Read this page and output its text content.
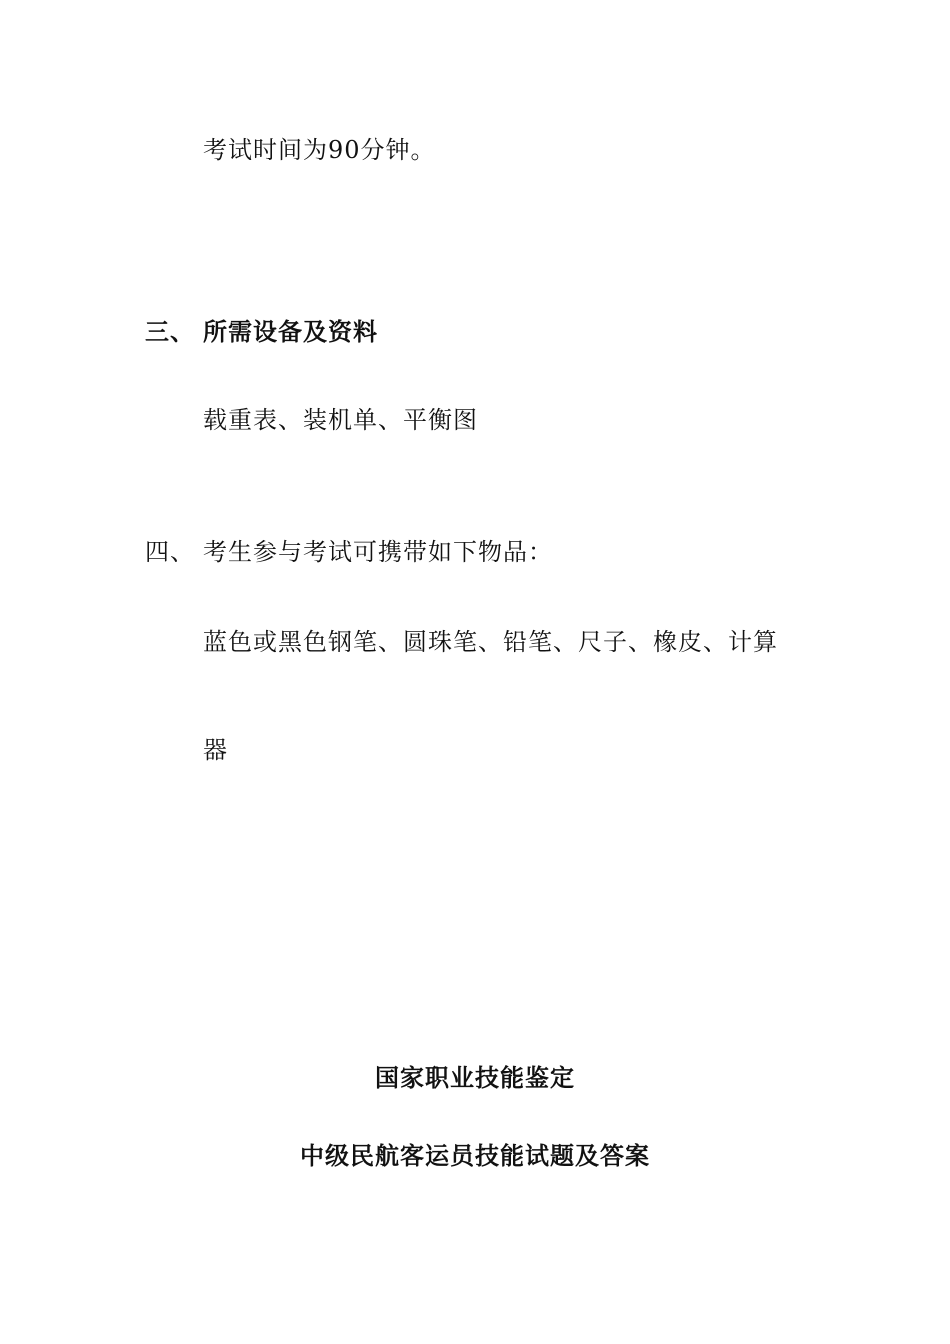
考试时间为90分钟。
三、 所需设备及资料
载重表、装机单、平衡图
四、 考生参与考试可携带如下物品：
蓝色或黑色钢笔、圆珠笔、铅笔、尺子、橡皮、计算
器
国家职业技能鉴定
中级民航客运员技能试题及答案
